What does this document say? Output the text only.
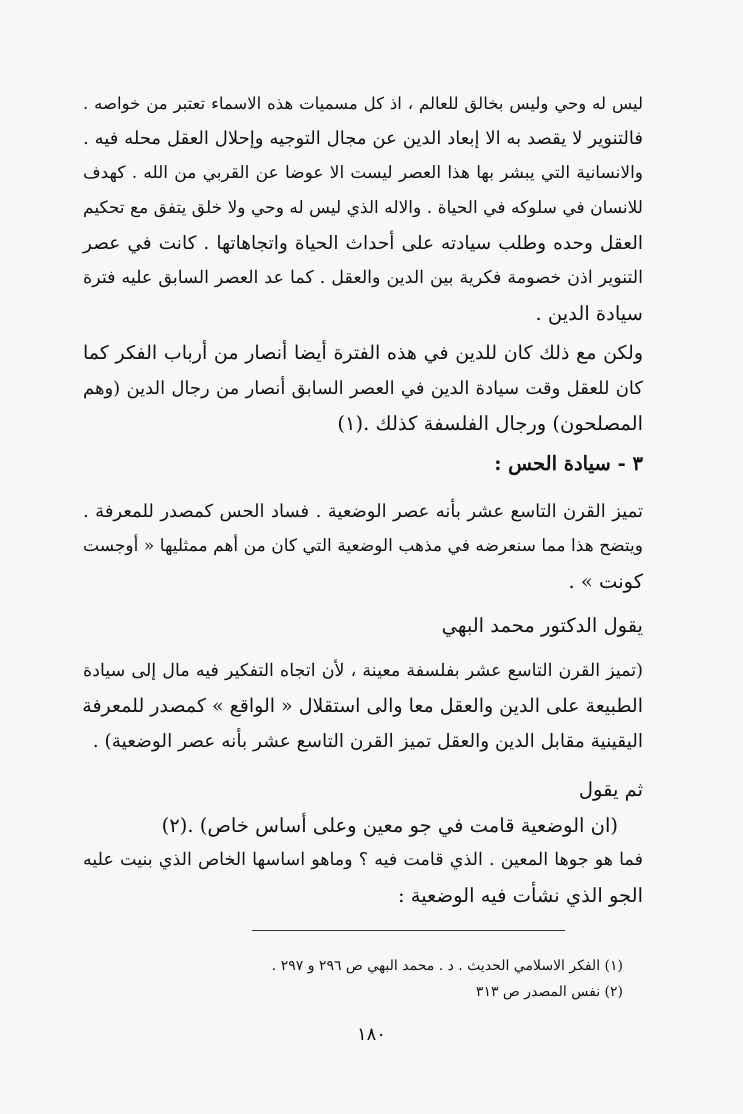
ليس له وحي وليس بخالق للعالم ، اذ كل مسميات هذه الاسماء تعتبر من خواصه .
فالتنوير لا يقصد به الا إبعاد الدين عن مجال التوجيه وإحلال العقل محله فيه .
والانسانية التي يبشر بها هذا العصر ليست الا عوضا عن القربي من الله . كهدف
للانسان في سلوكه في الحياة . والاله الذي ليس له وحي ولا خلق يتفق مع تحكيم
العقل وحده وطلب سيادته على أحداث الحياة واتجاهاتها . كانت في عصر
التنوير اذن خصومة فكرية بين الدين والعقل . كما عد العصر السابق عليه فترة
سيادة الدين .
ولكن مع ذلك كان للدين في هذه الفترة أيضا أنصار من أرباب الفكر كما
كان للعقل وقت سيادة الدين في العصر السابق أنصار من رجال الدين (وهم
المصلحون) ورجال الفلسفة كذلك .(١)
٣ - سيادة الحس :
تميز القرن التاسع عشر بأنه عصر الوضعية . فساد الحس كمصدر للمعرفة .
ويتضح هذا مما سنعرضه في مذهب الوضعية التي كان من أهم ممثليها « أوجست
كونت » .
يقول الدكتور محمد البهي
(تميز القرن التاسع عشر بفلسفة معينة ، لأن اتجاه التفكير فيه مال إلى سيادة
الطبيعة على الدين والعقل معا والى استقلال « الواقع » كمصدر للمعرفة
اليقينية مقابل الدين والعقل تميز القرن التاسع عشر بأنه عصر الوضعية) .
ثم يقول
(ان الوضعية قامت في جو معين وعلى أساس خاص) .(٢)
فما هو جوها المعين . الذي قامت فيه ؟ وماهو اساسها الخاص الذي بنيت عليه
الجو الذي نشأت فيه الوضعية :
(١) الفكر الاسلامي الحديث . د . محمد البهي ص ٢٩٦ و ٢٩٧ .
(٢) نفس المصدر ص ٣١٣
١٨٠
